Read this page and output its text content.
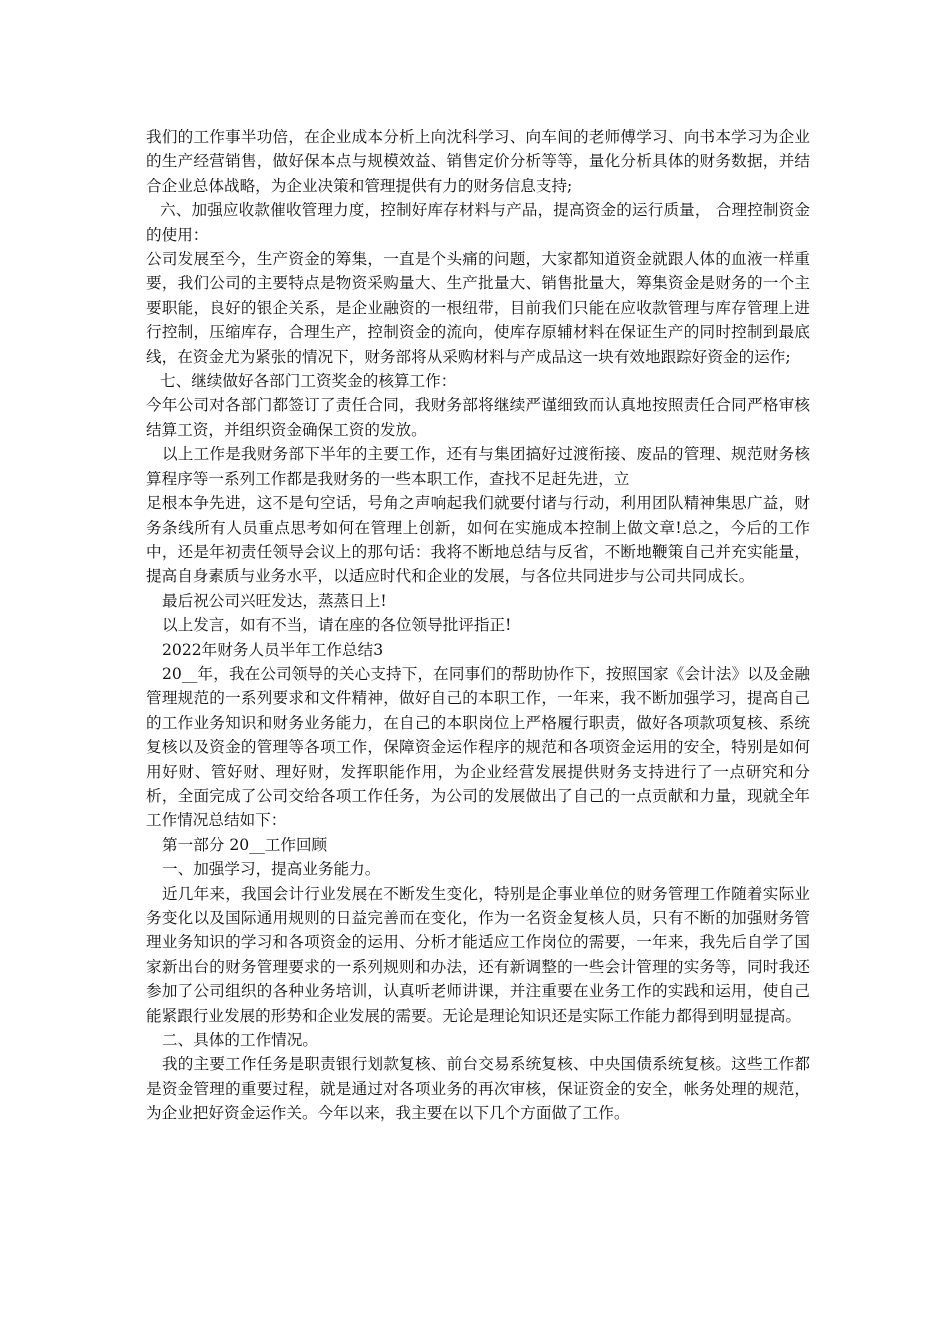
我们的工作事半功倍，在企业成本分析上向沈科学习、向车间的老师傅学习、向书本学习为企业的生产经营销售，做好保本点与规模效益、销售定价分析等等，量化分析具体的财务数据，并结合企业总体战略，为企业决策和管理提供有力的财务信息支持;

六、加强应收款催收管理力度，控制好库存材料与产品，提高资金的运行质量， 合理控制资金的使用：

公司发展至今，生产资金的筹集，一直是个头痛的问题，大家都知道资金就跟人体的血液一样重要，我们公司的主要特点是物资采购量大、生产批量大、销售批量大，筹集资金是财务的一个主要职能，良好的银企关系，是企业融资的一根纽带，目前我们只能在应收款管理与库存管理上进行控制，压缩库存，合理生产，控制资金的流向，使库存原辅材料在保证生产的同时控制到最底线，在资金尤为紧张的情况下，财务部将从采购材料与产成品这一块有效地跟踪好资金的运作;

七、继续做好各部门工资奖金的核算工作：

今年公司对各部门都签订了责任合同，我财务部将继续严谨细致而认真地按照责任合同严格审核结算工资，并组织资金确保工资的发放。

以上工作是我财务部下半年的主要工作，还有与集团搞好过渡衔接、废品的管理、规范财务核算程序等一系列工作都是我财务的一些本职工作，查找不足赶先进，立

足根本争先进，这不是句空话，号角之声响起我们就要付诸与行动，利用团队精神集思广益，财务条线所有人员重点思考如何在管理上创新，如何在实施成本控制上做文章!总之，今后的工作中，还是年初责任领导会议上的那句话：我将不断地总结与反省，不断地鞭策自己并充实能量，提高自身素质与业务水平，以适应时代和企业的发展，与各位共同进步与公司共同成长。

最后祝公司兴旺发达，蒸蒸日上!

以上发言，如有不当，请在座的各位领导批评指正!

2022年财务人员半年工作总结3

20__年，我在公司领导的关心支持下，在同事们的帮助协作下，按照国家《会计法》以及金融管理规范的一系列要求和文件精神，做好自己的本职工作，一年来，我不断加强学习，提高自己的工作业务知识和财务业务能力，在自己的本职岗位上严格履行职责，做好各项款项复核、系统复核以及资金的管理等各项工作，保障资金运作程序的规范和各项资金运用的安全，特别是如何用好财、管好财、理好财，发挥职能作用，为企业经营发展提供财务支持进行了一点研究和分析，全面完成了公司交给各项工作任务，为公司的发展做出了自己的一点贡献和力量，现就全年工作情况总结如下：

第一部分 20__工作回顾

一、加强学习，提高业务能力。

近几年来，我国会计行业发展在不断发生变化，特别是企事业单位的财务管理工作随着实际业务变化以及国际通用规则的日益完善而在变化，作为一名资金复核人员，只有不断的加强财务管理业务知识的学习和各项资金的运用、分析才能适应工作岗位的需要，一年来，我先后自学了国家新出台的财务管理要求的一系列规则和办法，还有新调整的一些会计管理的实务等，同时我还参加了公司组织的各种业务培训，认真听老师讲课，并注重要在业务工作的实践和运用，使自己能紧跟行业发展的形势和企业发展的需要。无论是理论知识还是实际工作能力都得到明显提高。

二、具体的工作情况。

我的主要工作任务是职责银行划款复核、前台交易系统复核、中央国债系统复核。这些工作都是资金管理的重要过程，就是通过对各项业务的再次审核，保证资金的安全，帐务处理的规范，为企业把好资金运作关。今年以来，我主要在以下几个方面做了工作。
